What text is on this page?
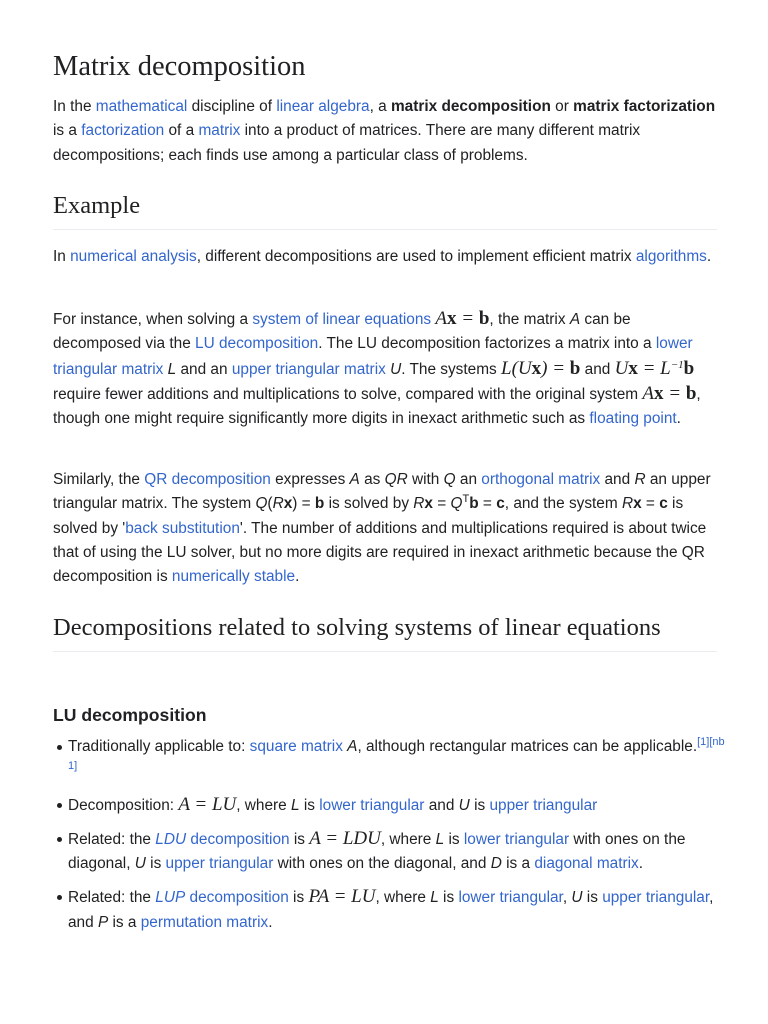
Matrix decomposition

In the mathematical discipline of linear algebra, a matrix decomposition or matrix factorization is a factorization of a matrix into a product of matrices. There are many different matrix decompositions; each finds use among a particular class of problems.

Example

In numerical analysis, different decompositions are used to implement efficient matrix algorithms.

For instance, when solving a system of linear equations Ax = b, the matrix A can be decomposed via the LU decomposition. The LU decomposition factorizes a matrix into a lower triangular matrix L and an upper triangular matrix U. The systems L(Ux) = b and $Ux = L^{-1}b$ require fewer additions and multiplications to solve, compared with the original system Ax = b, though one might require significantly more digits in inexact arithmetic such as floating point.

Similarly, the QR decomposition expresses A as QR with Q an orthogonal matrix and R an upper triangular matrix. The system Q(Rx) = b is solved by $Rx = Q^Tb = c$, and the system Rx = c is solved by 'back substitution'. The number of additions and multiplications required is about twice that of using the LU solver, but no more digits are required in inexact arithmetic because the QR decomposition is numerically stable.

Decompositions related to solving systems of linear equations
LU decomposition
Traditionally applicable to: square matrix A, although rectangular matrices can be applicable.[1][nb 1]
Decomposition: A = LU, where L is lower triangular and U is upper triangular
Related: the LDU decomposition is A = LDU, where L is lower triangular with ones on the diagonal, U is upper triangular with ones on the diagonal, and D is a diagonal matrix.
Related: the LUP decomposition is PA = LU, where L is lower triangular, U is upper triangular, and P is a permutation matrix.
